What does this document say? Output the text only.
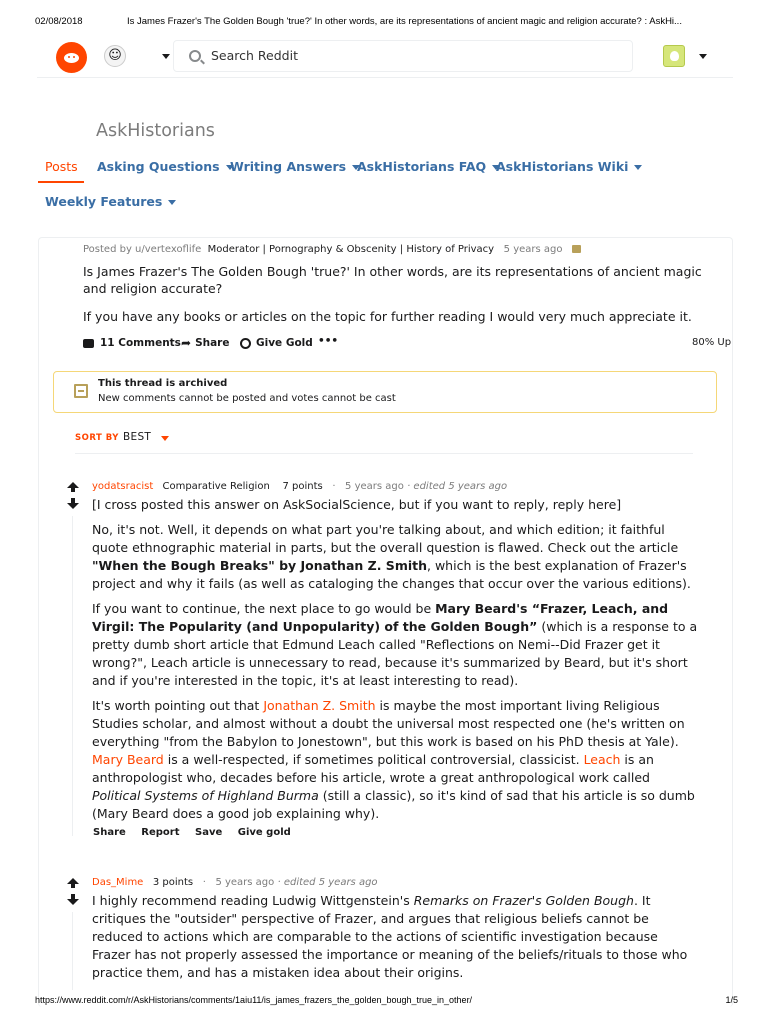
02/08/2018	Is James Frazer's The Golden Bough 'true?' In other words, are its representations of ancient magic and religion accurate? : AskHi...
☺
Search Reddit
AskHistorians
Posts Asking Questions Writing Answers AskHistorians FAQ AskHistorians Wiki
Weekly Features
Posted by u/vertexoflife Moderator | Pornography & Obscenity | History of Privacy 5 years ago
Is James Frazer's The Golden Bough 'true?' In other words, are its representations of ancient magic and religion accurate?
If you have any books or articles on the topic for further reading I would very much appreciate it.
11 Comments ➦ Share	Give Gold •••	80% Up
This thread is archived
New comments cannot be posted and votes cannot be cast
SORT BY BEST
yodatsracist Comparative Religion 7 points · 5 years ago · edited 5 years ago

[I cross posted this answer on AskSocialScience, but if you want to reply, reply here]

No, it's not. Well, it depends on what part you're talking about, and which edition; it faithful quote ethnographic material in parts, but the overall question is flawed. Check out the article "When the Bough Breaks" by Jonathan Z. Smith, which is the best explanation of Frazer's project and why it fails (as well as cataloging the changes that occur over the various editions).

If you want to continue, the next place to go would be Mary Beard's “Frazer, Leach, and Virgil: The Popularity (and Unpopularity) of the Golden Bough” (which is a response to a pretty dumb short article that Edmund Leach called "Reflections on Nemi--Did Frazer get it wrong?", Leach article is unnecessary to read, because it's summarized by Beard, but it's short and if you're interested in the topic, it's at least interesting to read).

It's worth pointing out that Jonathan Z. Smith is maybe the most important living Religious Studies scholar, and almost without a doubt the universal most respected one (he's written on everything "from the Babylon to Jonestown", but this work is based on his PhD thesis at Yale). Mary Beard is a well-respected, if sometimes political controversial, classicist. Leach is an anthropologist who, decades before his article, wrote a great anthropological work called Political Systems of Highland Burma (still a classic), so it's kind of sad that his article is so dumb (Mary Beard does a good job explaining why).

Share Report Save Give gold
Das_Mime 3 points · 5 years ago · edited 5 years ago

I highly recommend reading Ludwig Wittgenstein's Remarks on Frazer's Golden Bough. It critiques the "outsider" perspective of Frazer, and argues that religious beliefs cannot be reduced to actions which are comparable to the actions of scientific investigation because Frazer has not properly assessed the importance or meaning of the beliefs/rituals to those who practice them, and has a mistaken idea about their origins.

https://www.reddit.com/r/AskHistorians/comments/1aiu11/is_james_frazers_the_golden_bough_true_in_other/	1/5
